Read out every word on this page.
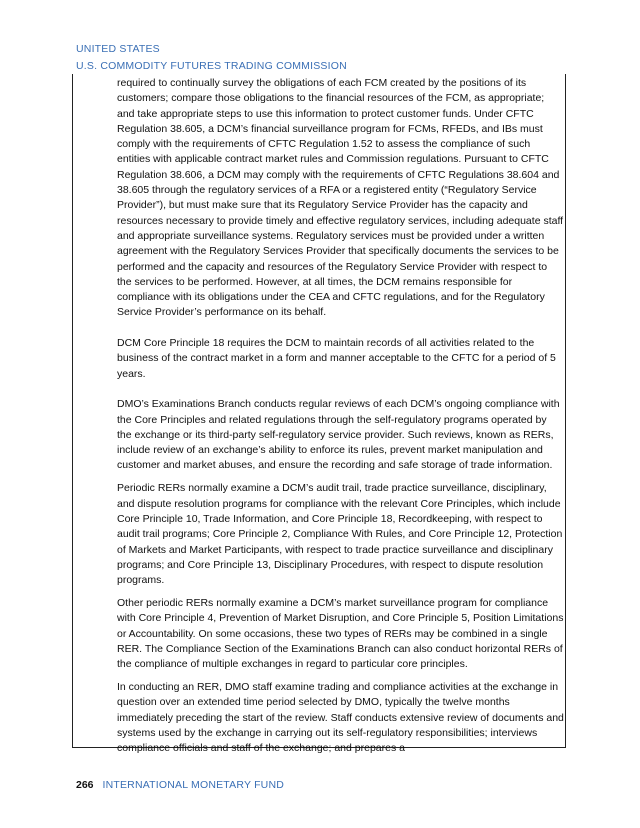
UNITED STATES
U.S. COMMODITY FUTURES TRADING COMMISSION

required to continually survey the obligations of each FCM created by the positions of its customers; compare those obligations to the financial resources of the FCM, as appropriate; and take appropriate steps to use this information to protect customer funds. Under CFTC Regulation 38.605, a DCM’s financial surveillance program for FCMs, RFEDs, and IBs must comply with the requirements of CFTC Regulation 1.52 to assess the compliance of such entities with applicable contract market rules and Commission regulations. Pursuant to CFTC Regulation 38.606, a DCM may comply with the requirements of CFTC Regulations 38.604 and 38.605 through the regulatory services of a RFA or a registered entity (“Regulatory Service Provider”), but must make sure that its Regulatory Service Provider has the capacity and resources necessary to provide timely and effective regulatory services, including adequate staff and appropriate surveillance systems. Regulatory services must be provided under a written agreement with the Regulatory Services Provider that specifically documents the services to be performed and the capacity and resources of the Regulatory Service Provider with respect to the services to be performed. However, at all times, the DCM remains responsible for compliance with its obligations under the CEA and CFTC regulations, and for the Regulatory Service Provider’s performance on its behalf.

DCM Core Principle 18 requires the DCM to maintain records of all activities related to the business of the contract market in a form and manner acceptable to the CFTC for a period of 5 years.

DMO’s Examinations Branch conducts regular reviews of each DCM’s ongoing compliance with the Core Principles and related regulations through the self-regulatory programs operated by the exchange or its third-party self-regulatory service provider. Such reviews, known as RERs, include review of an exchange’s ability to enforce its rules, prevent market manipulation and customer and market abuses, and ensure the recording and safe storage of trade information.

Periodic RERs normally examine a DCM’s audit trail, trade practice surveillance, disciplinary, and dispute resolution programs for compliance with the relevant Core Principles, which include Core Principle 10, Trade Information, and Core Principle 18, Recordkeeping, with respect to audit trail programs; Core Principle 2, Compliance With Rules, and Core Principle 12, Protection of Markets and Market Participants, with respect to trade practice surveillance and disciplinary programs; and Core Principle 13, Disciplinary Procedures, with respect to dispute resolution programs.

Other periodic RERs normally examine a DCM’s market surveillance program for compliance with Core Principle 4, Prevention of Market Disruption, and Core Principle 5, Position Limitations or Accountability. On some occasions, these two types of RERs may be combined in a single RER. The Compliance Section of the Examinations Branch can also conduct horizontal RERs of the compliance of multiple exchanges in regard to particular core principles.

In conducting an RER, DMO staff examine trading and compliance activities at the exchange in question over an extended time period selected by DMO, typically the twelve months immediately preceding the start of the review. Staff conducts extensive review of documents and systems used by the exchange in carrying out its self-regulatory responsibilities; interviews compliance officials and staff of the exchange; and prepares a

266 INTERNATIONAL MONETARY FUND
